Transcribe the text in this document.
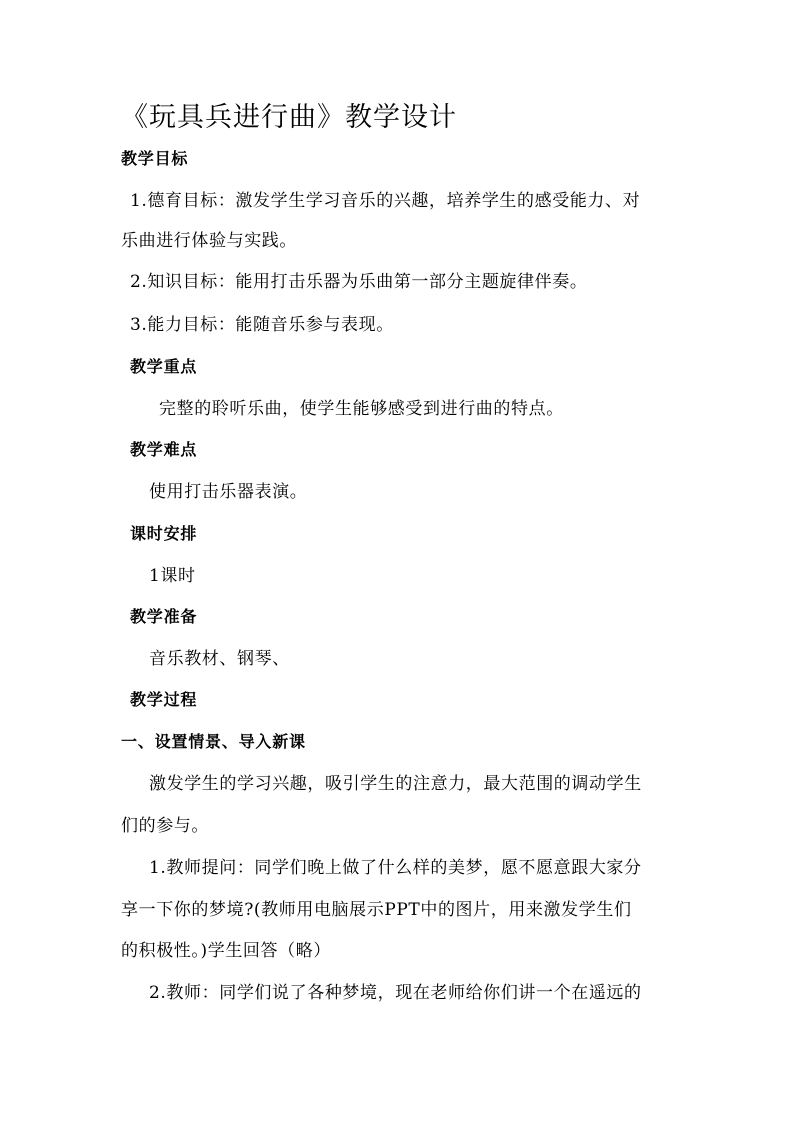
《玩具兵进行曲》教学设计
教学目标
1.德育目标：激发学生学习音乐的兴趣，培养学生的感受能力、对
乐曲进行体验与实践。
2.知识目标：能用打击乐器为乐曲第一部分主题旋律伴奏。
3.能力目标：能随音乐参与表现。
教学重点
完整的聆听乐曲，使学生能够感受到进行曲的特点。
教学难点
使用打击乐器表演。
课时安排
1课时
教学准备
音乐教材、钢琴、
教学过程
一、设置情景、导入新课
激发学生的学习兴趣，吸引学生的注意力，最大范围的调动学生
们的参与。
1.教师提问：同学们晚上做了什么样的美梦，愿不愿意跟大家分
享一下你的梦境?(教师用电脑展示PPT中的图片，用来激发学生们
的积极性。)学生回答（略）
2.教师：同学们说了各种梦境，现在老师给你们讲一个在遥远的
